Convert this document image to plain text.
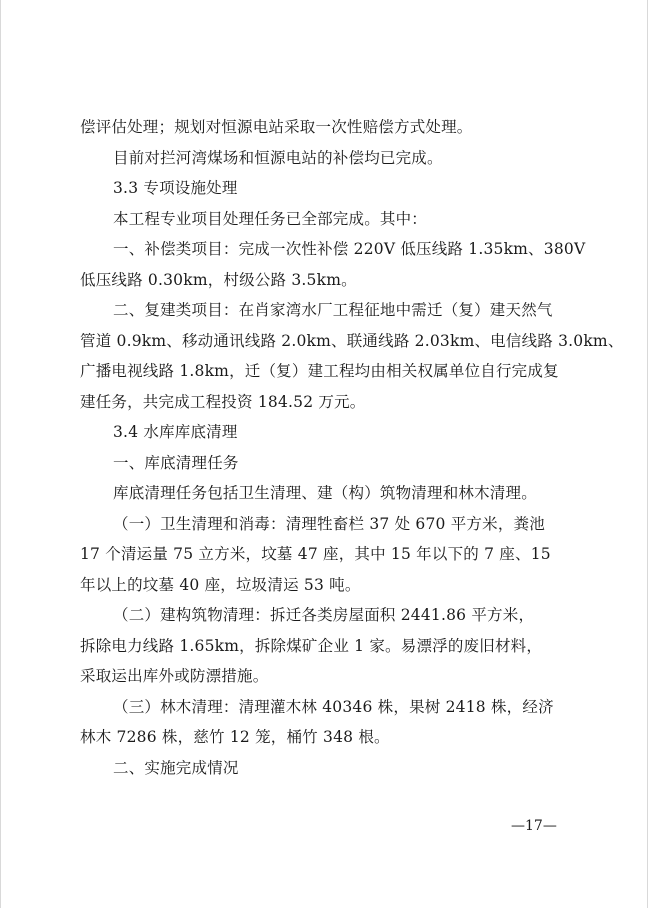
偿评估处理；规划对恒源电站采取一次性赔偿方式处理。

目前对拦河湾煤场和恒源电站的补偿均已完成。

3.3 专项设施处理

本工程专业项目处理任务已全部完成。其中：

一、补偿类项目：完成一次性补偿 220V 低压线路 1.35km、380V

低压线路 0.30km，村级公路 3.5km。

二、复建类项目：在肖家湾水厂工程征地中需迁（复）建天然气

管道 0.9km、移动通讯线路 2.0km、联通线路 2.03km、电信线路 3.0km、

广播电视线路 1.8km，迁（复）建工程均由相关权属单位自行完成复

建任务，共完成工程投资 184.52 万元。

3.4 水库库底清理

一、库底清理任务

库底清理任务包括卫生清理、建（构）筑物清理和林木清理。

（一）卫生清理和消毒：清理牲畜栏 37 处 670 平方米，粪池

17 个清运量 75 立方米，坟墓 47 座，其中 15 年以下的 7 座、15

年以上的坟墓 40 座，垃圾清运 53 吨。

（二）建构筑物清理：拆迁各类房屋面积 2441.86 平方米，

拆除电力线路 1.65km，拆除煤矿企业 1 家。易漂浮的废旧材料，

采取运出库外或防漂措施。

（三）林木清理：清理灌木林 40346 株，果树 2418 株，经济

林木 7286 株，慈竹 12 笼，桶竹 348 根。

二、实施完成情况

—17—
